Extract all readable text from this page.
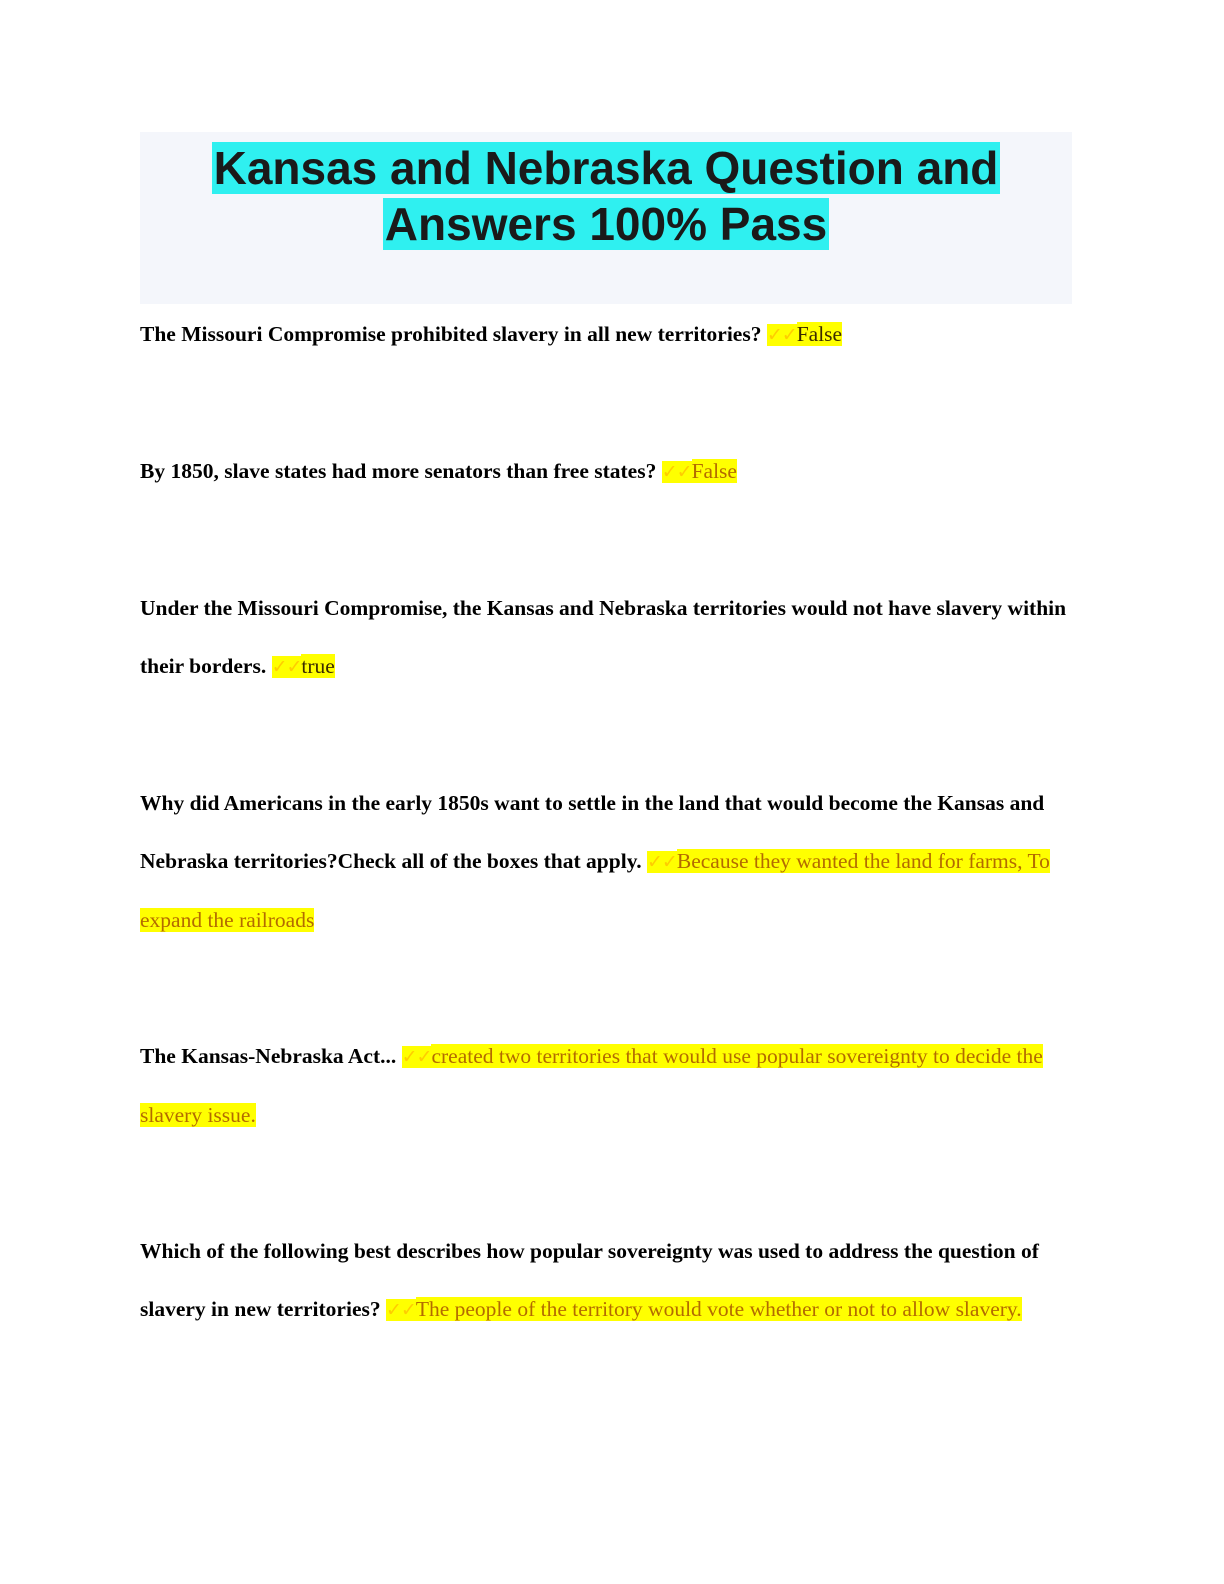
Kansas and Nebraska Question and
Answers 100% Pass
The Missouri Compromise prohibited slavery in all new territories? ✓✓False
By 1850, slave states had more senators than free states? ✓✓False
Under the Missouri Compromise, the Kansas and Nebraska territories would not have slavery within their borders. ✓✓true
Why did Americans in the early 1850s want to settle in the land that would become the Kansas and Nebraska territories?Check all of the boxes that apply. ✓✓Because they wanted the land for farms, To expand the railroads
The Kansas-Nebraska Act... ✓✓created two territories that would use popular sovereignty to decide the slavery issue.
Which of the following best describes how popular sovereignty was used to address the question of slavery in new territories? ✓✓The people of the territory would vote whether or not to allow slavery.
